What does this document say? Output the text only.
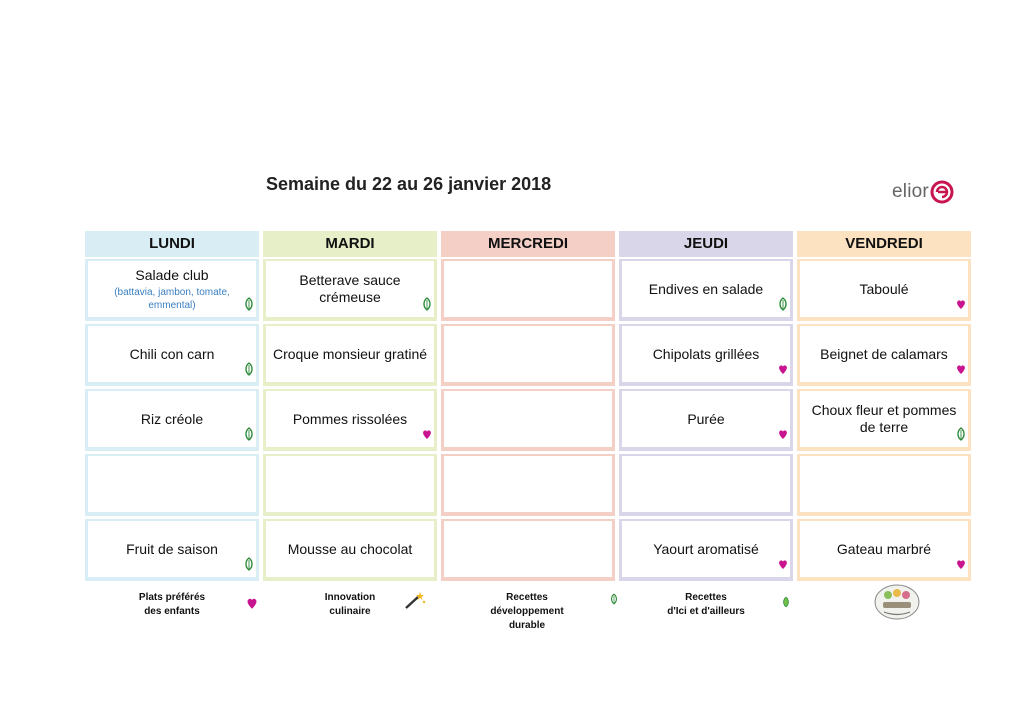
Semaine du 22 au 26 janvier 2018	elior
LUNDI
Salade club
(battavia, jambon, tomate, emmental)
Chili con carn
Riz créole
Fruit de saison
MARDI
Betterave sauce crémeuse
Croque monsieur gratiné
Pommes rissolées
Mousse au chocolat
MERCREDI	JEUDI
Endives en salade
Chipolats grillées
Purée
Yaourt aromatisé
VENDREDI
Taboulé
Beignet de calamars
Choux fleur et pommes de terre
Gateau marbré
Plats préférés
des enfants
Innovation
culinaire
Recettes
développement durable
Recettes
d'Ici et d'ailleurs
